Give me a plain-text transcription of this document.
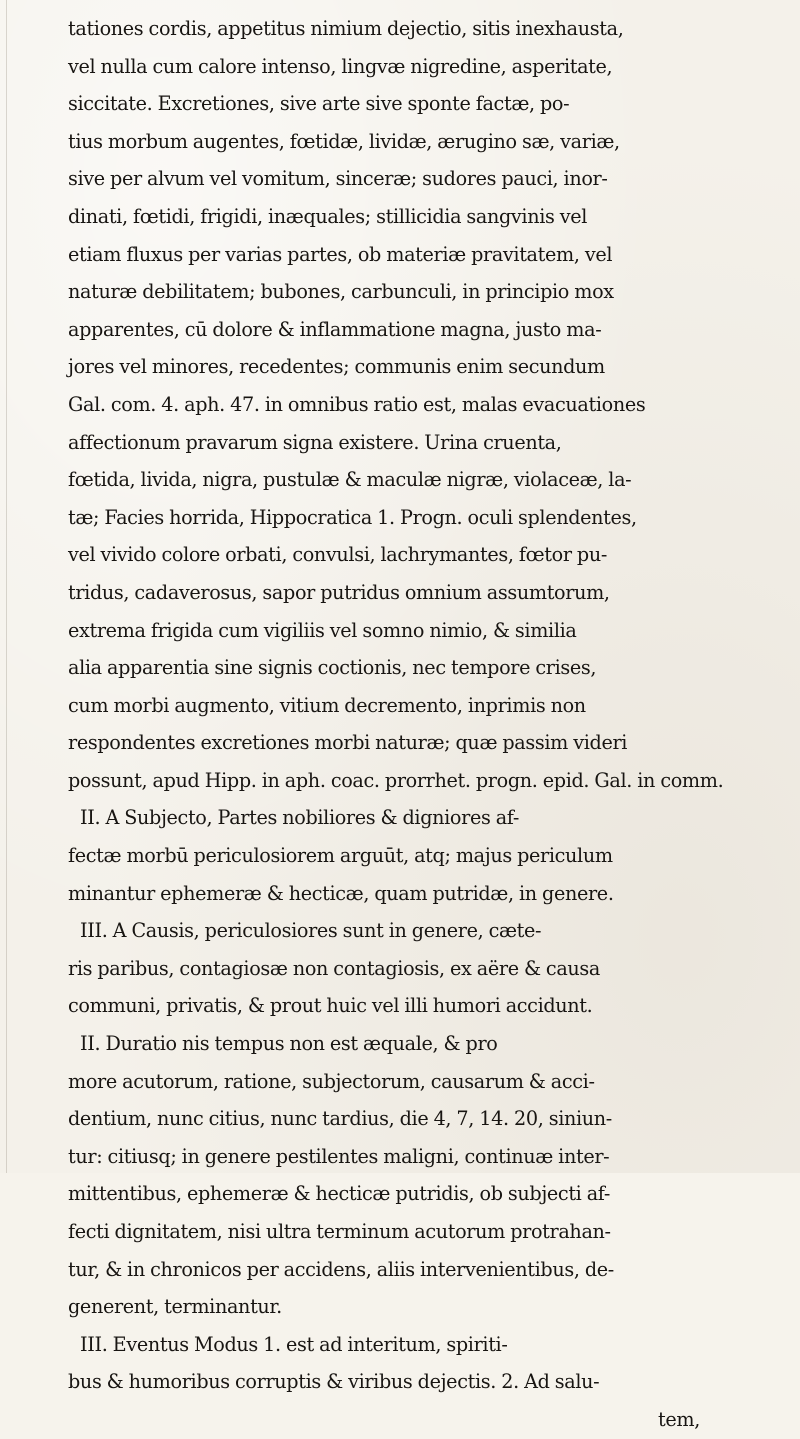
tationes cordis, appetitus nimium dejectio, sitis inexhausta,
vel nulla cum calore intenso, lingvæ nigredine, asperitate,
siccitate. Excretiones, sive arte sive sponte factæ, po-
tius morbum augentes, fœtidæ, lividæ, ærugino sæ, variæ,
sive per alvum vel vomitum, sinceræ; sudores pauci, inor-
dinati, fœtidi, frigidi, inæquales; stillicidia sangvinis vel
etiam fluxus per varias partes, ob materiæ pravitatem, vel
naturæ debilitatem; bubones, carbunculi, in principio mox
apparentes, cū dolore & inflammatione magna, justo ma-
jores vel minores, recedentes; communis enim secundum
Gal. com. 4. aph. 47. in omnibus ratio est, malas evacuationes
affectionum pravarum signa existere. Urina cruenta,
fœtida, livida, nigra, pustulæ & maculæ nigræ, violaceæ, la-
tæ; Facies horrida, Hippocratica 1. Progn. oculi splendentes,
vel vivido colore orbati, convulsi, lachrymantes, fœtor pu-
tridus, cadaverosus, sapor putridus omnium assumtorum,
extrema frigida cum vigiliis vel somno nimio, & similia
alia apparentia sine signis coctionis, nec tempore crises,
cum morbi augmento, vitium decremento, inprimis non
respondentes excretiones morbi naturæ; quæ passim videri
possunt, apud Hipp. in aph. coac. prorrhet. progn. epid. Gal. in comm.
II. A Subjecto, Partes nobiliores & digniores af-
fectæ morbū periculosiorem arguūt, atq; majus periculum
minantur ephemeræ & hecticæ, quam putridæ, in genere.
III. A Causis, periculosiores sunt in genere, cæte-
ris paribus, contagiosæ non contagiosis, ex aëre & causa
communi, privatis, & prout huic vel illi humori accidunt.
II. Duratio nis tempus non est æquale, & pro
more acutorum, ratione, subjectorum, causarum & acci-
dentium, nunc citius, nunc tardius, die 4, 7, 14. 20, siniun-
tur: citiusq; in genere pestilentes maligni, continuæ inter-
mittentibus, ephemeræ & hecticæ putridis, ob subjecti af-
fecti dignitatem, nisi ultra terminum acutorum protrahan-
tur, & in chronicos per accidens, aliis intervenientibus, de-
generent, terminantur.
III. Eventus Modus 1. est ad interitum, spiriti-
bus & humoribus corruptis & viribus dejectis. 2. Ad salu-
tem,
